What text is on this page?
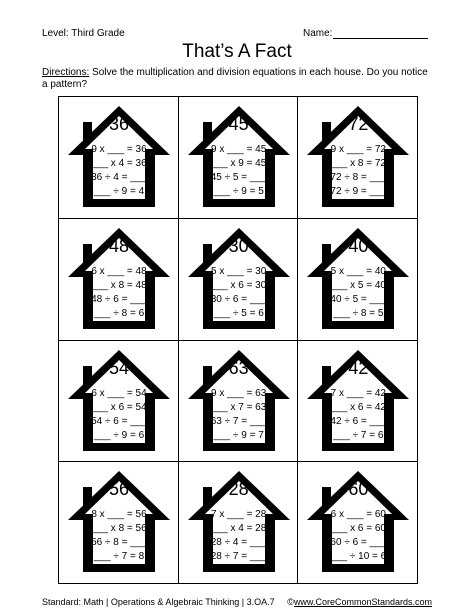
Level: Third Grade	Name:
That’s A Fact
Directions: Solve the multiplication and division equations in each house. Do you notice a pattern?
36
9 x ___ = 36
___ x 4 = 36
36 ÷ 4 = ___
___ ÷ 9 = 4
45
9 x ___ = 45
___ x 9 = 45
45 ÷ 5 = ___
___ ÷ 9 = 5
72
9 x ___ = 72
___ x 8 = 72
72 ÷ 8 = ___
72 ÷ 9 = ___
48
6 x ___ = 48
___ x 8 = 48
48 ÷ 6 = ___
___ ÷ 8 = 6
30
5 x ___ = 30
___ x 6 = 30
30 ÷ 6 = ___
___ ÷ 5 = 6
40
5 x ___ = 40
___ x 5 = 40
40 ÷ 5 = ___
___ ÷ 8 = 5
54
6 x ___ = 54
___ x 6 = 54
54 ÷ 6 = ___
___ ÷ 9 = 6
63
9 x ___ = 63
___ x 7 = 63
63 ÷ 7 = ___
___ ÷ 9 = 7
42
7 x ___ = 42
___ x 6 = 42
42 ÷ 6 = ___
___ ÷ 7 = 6
56
8 x ___ = 56
___ x 8 = 56
56 ÷ 8 = ___
___ ÷ 7 = 8
28
7 x ___ = 28
___ x 4 = 28
28 ÷ 4 = ___
28 ÷ 7 = ___
60
6 x ___ = 60
___ x 6 = 60
60 ÷ 6 = ___
___ ÷ 10 = 6
Standard: Math | Operations & Algebraic Thinking | 3.OA.7 ©www.CoreCommonStandards.com
